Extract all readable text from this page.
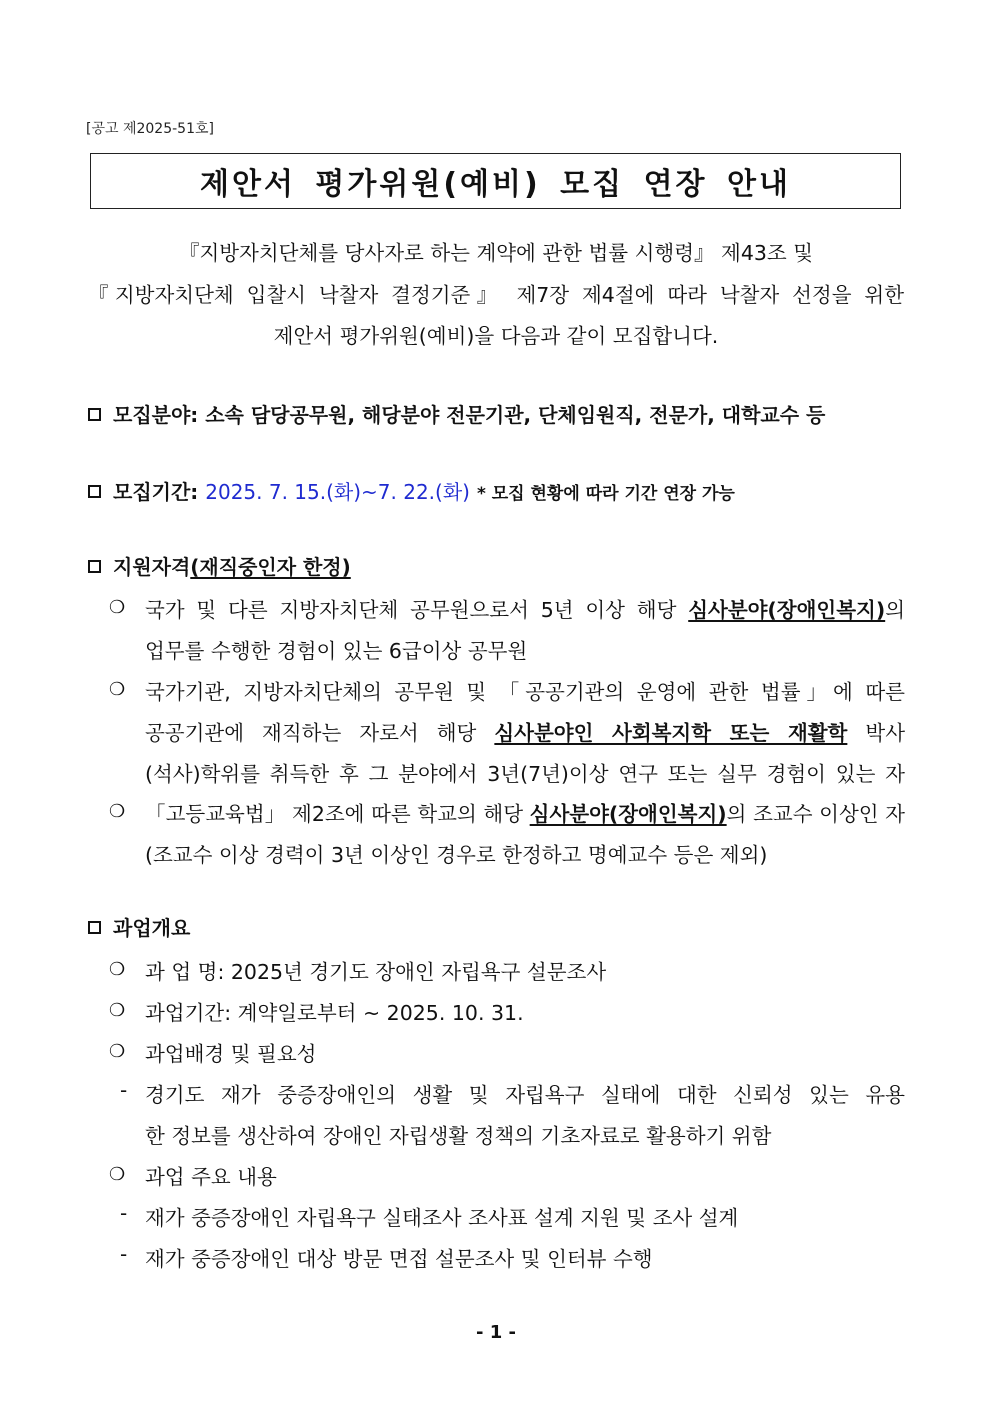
[공고 제2025-51호]
제안서 평가위원(예비) 모집 연장 안내
『지방자치단체를 당사자로 하는 계약에 관한 법률 시행령』 제43조 및
『지방자치단체 입찰시 낙찰자 결정기준』 제7장 제4절에 따라 낙찰자 선정을 위한
제안서 평가위원(예비)을 다음과 같이 모집합니다.
모집분야: 소속 담당공무원, 해당분야 전문기관, 단체임원직, 전문가, 대학교수 등
모집기간: 2025. 7. 15.(화)~7. 22.(화) * 모집 현황에 따라 기간 연장 가능
지원자격(재직중인자 한정)
❍ 국가 및 다른 지방자치단체 공무원으로서 5년 이상 해당 심사분야(장애인복지)의
업무를 수행한 경험이 있는 6급이상 공무원
❍ 국가기관, 지방자치단체의 공무원 및 「공공기관의 운영에 관한 법률」에 따른
공공기관에 재직하는 자로서 해당 심사분야인 사회복지학 또는 재활학 박사
(석사)학위를 취득한 후 그 분야에서 3년(7년)이상 연구 또는 실무 경험이 있는 자
❍ 「고등교육법」 제2조에 따른 학교의 해당 심사분야(장애인복지)의 조교수 이상인 자
(조교수 이상 경력이 3년 이상인 경우로 한정하고 명예교수 등은 제외)
과업개요
❍ 과 업 명: 2025년 경기도 장애인 자립욕구 설문조사
❍ 과업기간: 계약일로부터 ~ 2025. 10. 31.
❍ 과업배경 및 필요성
- 경기도 재가 중증장애인의 생활 및 자립욕구 실태에 대한 신뢰성 있는 유용
한 정보를 생산하여 장애인 자립생활 정책의 기초자료로 활용하기 위함
❍ 과업 주요 내용
- 재가 중증장애인 자립욕구 실태조사 조사표 설계 지원 및 조사 설계
- 재가 중증장애인 대상 방문 면접 설문조사 및 인터뷰 수행
- 1 -
